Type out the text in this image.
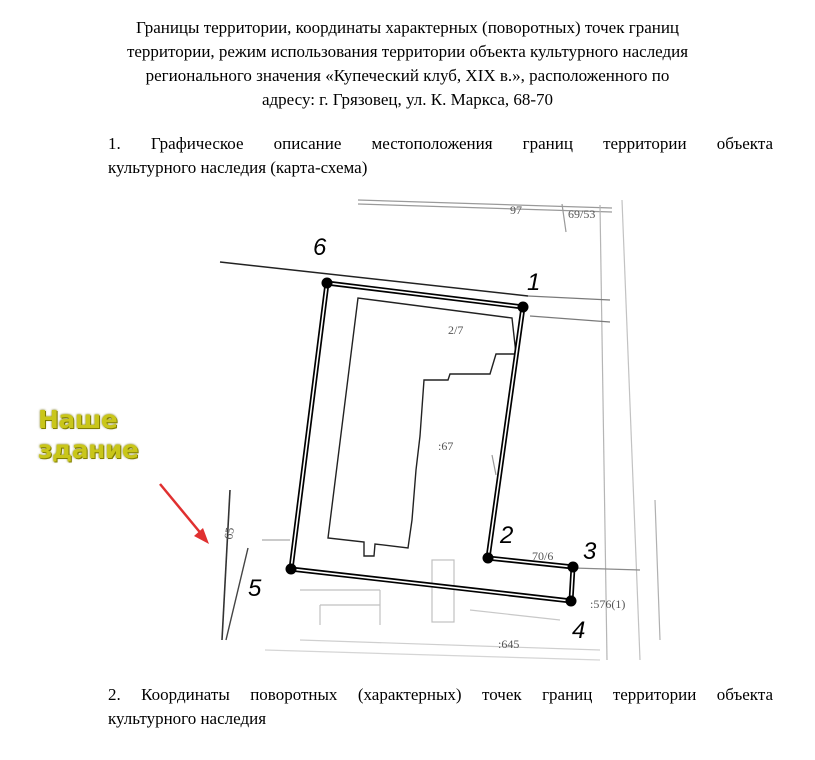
Границы территории, координаты характерных (поворотных) точек границ
территории, режим использования территории объекта культурного наследия
регионального значения «Купеческий клуб, XIX в.», расположенного по
адресу: г. Грязовец, ул. К. Маркса, 68-70
1. Графическое описание местоположения границ территории объекта
культурного наследия (карта-схема)
1
2
3
4
5
6
:67
70/6
:576(1)
:645
97	69/53
65
2/7
Наше
здание
2. Координаты поворотных (характерных) точек границ территории объекта
культурного наследия
